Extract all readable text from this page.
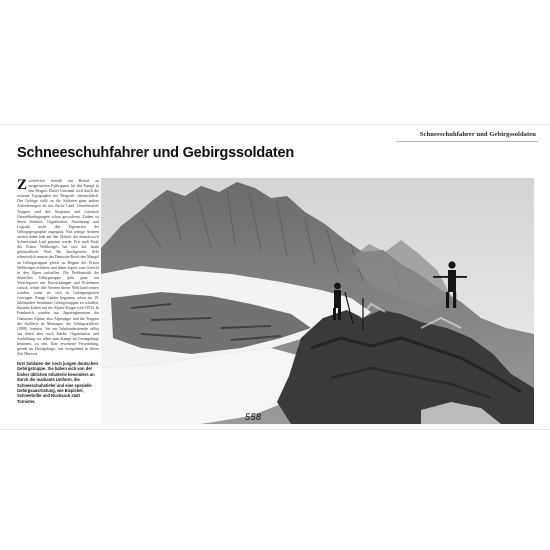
Schneeschuhfahrer und Gebirgssoldaten
Schneeschuhfahrer und Gebirgssoldaten
Zweifelsfrei bestellt ein Bedarf an ausgerüsteten Fußtruppen für den Kampf in den Bergen. Dieser Umstand wird durch die extreme Topographie der Bergwelt offensichtlich. Das Gebirge stellt an die Soldaten ganz andere Anforderungen als das flache Land. Unverbesserte Truppen sind den Strapazen und extremen Umweltbedingungen schon gewachsen. Zudem ist deren Struktur, Organisation, Ausrüstung und Logistik nicht den Eigenarten der Gebirgsgeographie angepasst. Nur wenige Armeen setzten daher früh auf den Skilauf, der damals noch Schneeschuh-Lauf genannt wurde. Erst nach Ende des Ersten Weltkrieges hat sich das heute gebräuchliche Wort Ski durchgesetzt. Sehr schmerzlich musste das Deutsche Reich den Mangel an Gebirgstruppen gleich zu Beginn des Ersten Weltkrieges erfahren und daher eigens zum Gefecht in den Alpen aufstellen. Die Problematik der deutschen Gebirgstruppe geht ganz zur Vorkriegszeit mit Entwicklungen und Problemen zurück, wobei alle Armeen dieser Welt konfrontiert wurden, wenn sie sich in Gebirgsregionen vorwagen. Einige Länder begannen schon im 19. Jahrhundert bestimmte Gebirgstruppen zu schaffen, darunter Italien mit der Alpini-Truppe (seit 1872). In Frankreich wurden aus Jägerregimentern die Chasseurs Alpins, also Alpenjäger und die Truppen der Artillerie de Montagne, der Gebirgsartillerie (1888) formiert. Sie zur Jahrhundertwende selbst aus ihnen aber nach Stärke, Organisation und Ausbildung vor allem zum Kampf im Grenzgebirge bestimmt, zu sein. Eine erweiterte Verwendung, gerade im Hochgebirge, war weitgehend in dieser Zeit Hinweis.
Drei Soldaten der noch jungen deutschen Gebirgstruppe. Sie haben sich von der bisher üblichen Infanterie besonders an durch die markante Uniform, die Schneeschuhstiefel und eine spezielle Gebirgsausrüstung, wie Eispickel, Schneebrille und Rucksack statt Tornister.
558
